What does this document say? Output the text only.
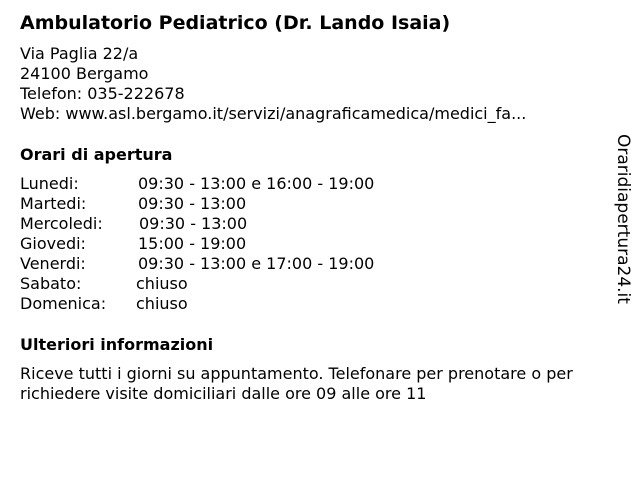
Ambulatorio Pediatrico (Dr. Lando Isaia)
Via Paglia 22/a
24100 Bergamo
Telefon: 035-222678
Web: www.asl.bergamo.it/servizi/anagraficamedica/medici_fa...
Orari di apertura
Lunedi:	09:30 - 13:00 e 16:00 - 19:00
Martedi:	09:30 - 13:00
Mercoledi: 09:30 - 13:00
Giovedi:	15:00 - 19:00
Venerdi:	09:30 - 13:00 e 17:00 - 19:00
Sabato:	chiuso
Domenica: chiuso
Ulteriori informazioni
Riceve tutti i giorni su appuntamento. Telefonare per prenotare o per richiedere visite domiciliari dalle ore 09 alle ore 11
Oraridiapertura24.it
